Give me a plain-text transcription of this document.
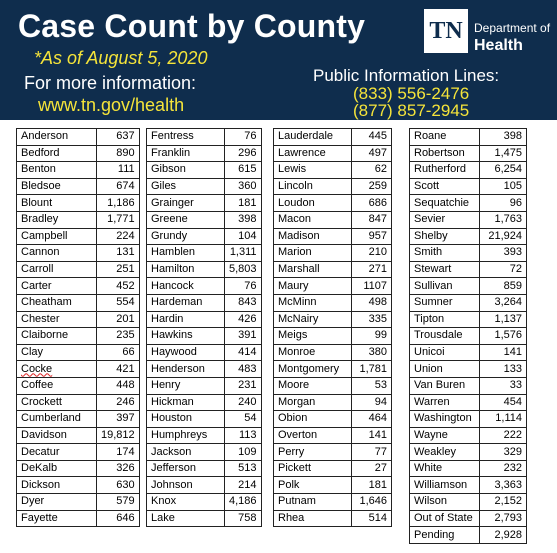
Case Count by County
*As of August 5, 2020
For more information:
www.tn.gov/health
TN Department of
Health
Public Information Lines:
(833) 556-2476
(877) 857-2945
Anderson	637
Bedford	890
Benton	111
Bledsoe	674
Blount	1,186
Bradley	1,771
Campbell	224
Cannon	131
Carroll	251
Carter	452
Cheatham	554
Chester	201
Claiborne	235
Clay	66
Cocke	421
Coffee	448
Crockett	246
Cumberland	397
Davidson	19,812
Decatur	174
DeKalb	326
Dickson	630
Dyer	579
Fayette	646
Fentress	76
Franklin	296
Gibson	615
Giles	360
Grainger	181
Greene	398
Grundy	104
Hamblen	1,311
Hamilton	5,803
Hancock	76
Hardeman	843
Hardin	426
Hawkins	391
Haywood	414
Henderson	483
Henry	231
Hickman	240
Houston	54
Humphreys	113
Jackson	109
Jefferson	513
Johnson	214
Knox	4,186
Lake	758
Lauderdale	445
Lawrence	497
Lewis	62
Lincoln	259
Loudon	686
Macon	847
Madison	957
Marion	210
Marshall	271
Maury	1107
McMinn	498
McNairy	335
Meigs	99
Monroe	380
Montgomery	1,781
Moore	53
Morgan	94
Obion	464
Overton	141
Perry	77
Pickett	27
Polk	181
Putnam	1,646
Rhea	514
Roane	398
Robertson	1,475
Rutherford	6,254
Scott	105
Sequatchie	96
Sevier	1,763
Shelby	21,924
Smith	393
Stewart	72
Sullivan	859
Sumner	3,264
Tipton	1,137
Trousdale	1,576
Unicoi	141
Union	133
Van Buren	33
Warren	454
Washington	1,114
Wayne	222
Weakley	329
White	232
Williamson	3,363
Wilson	2,152
Out of State	2,793
Pending	2,928
